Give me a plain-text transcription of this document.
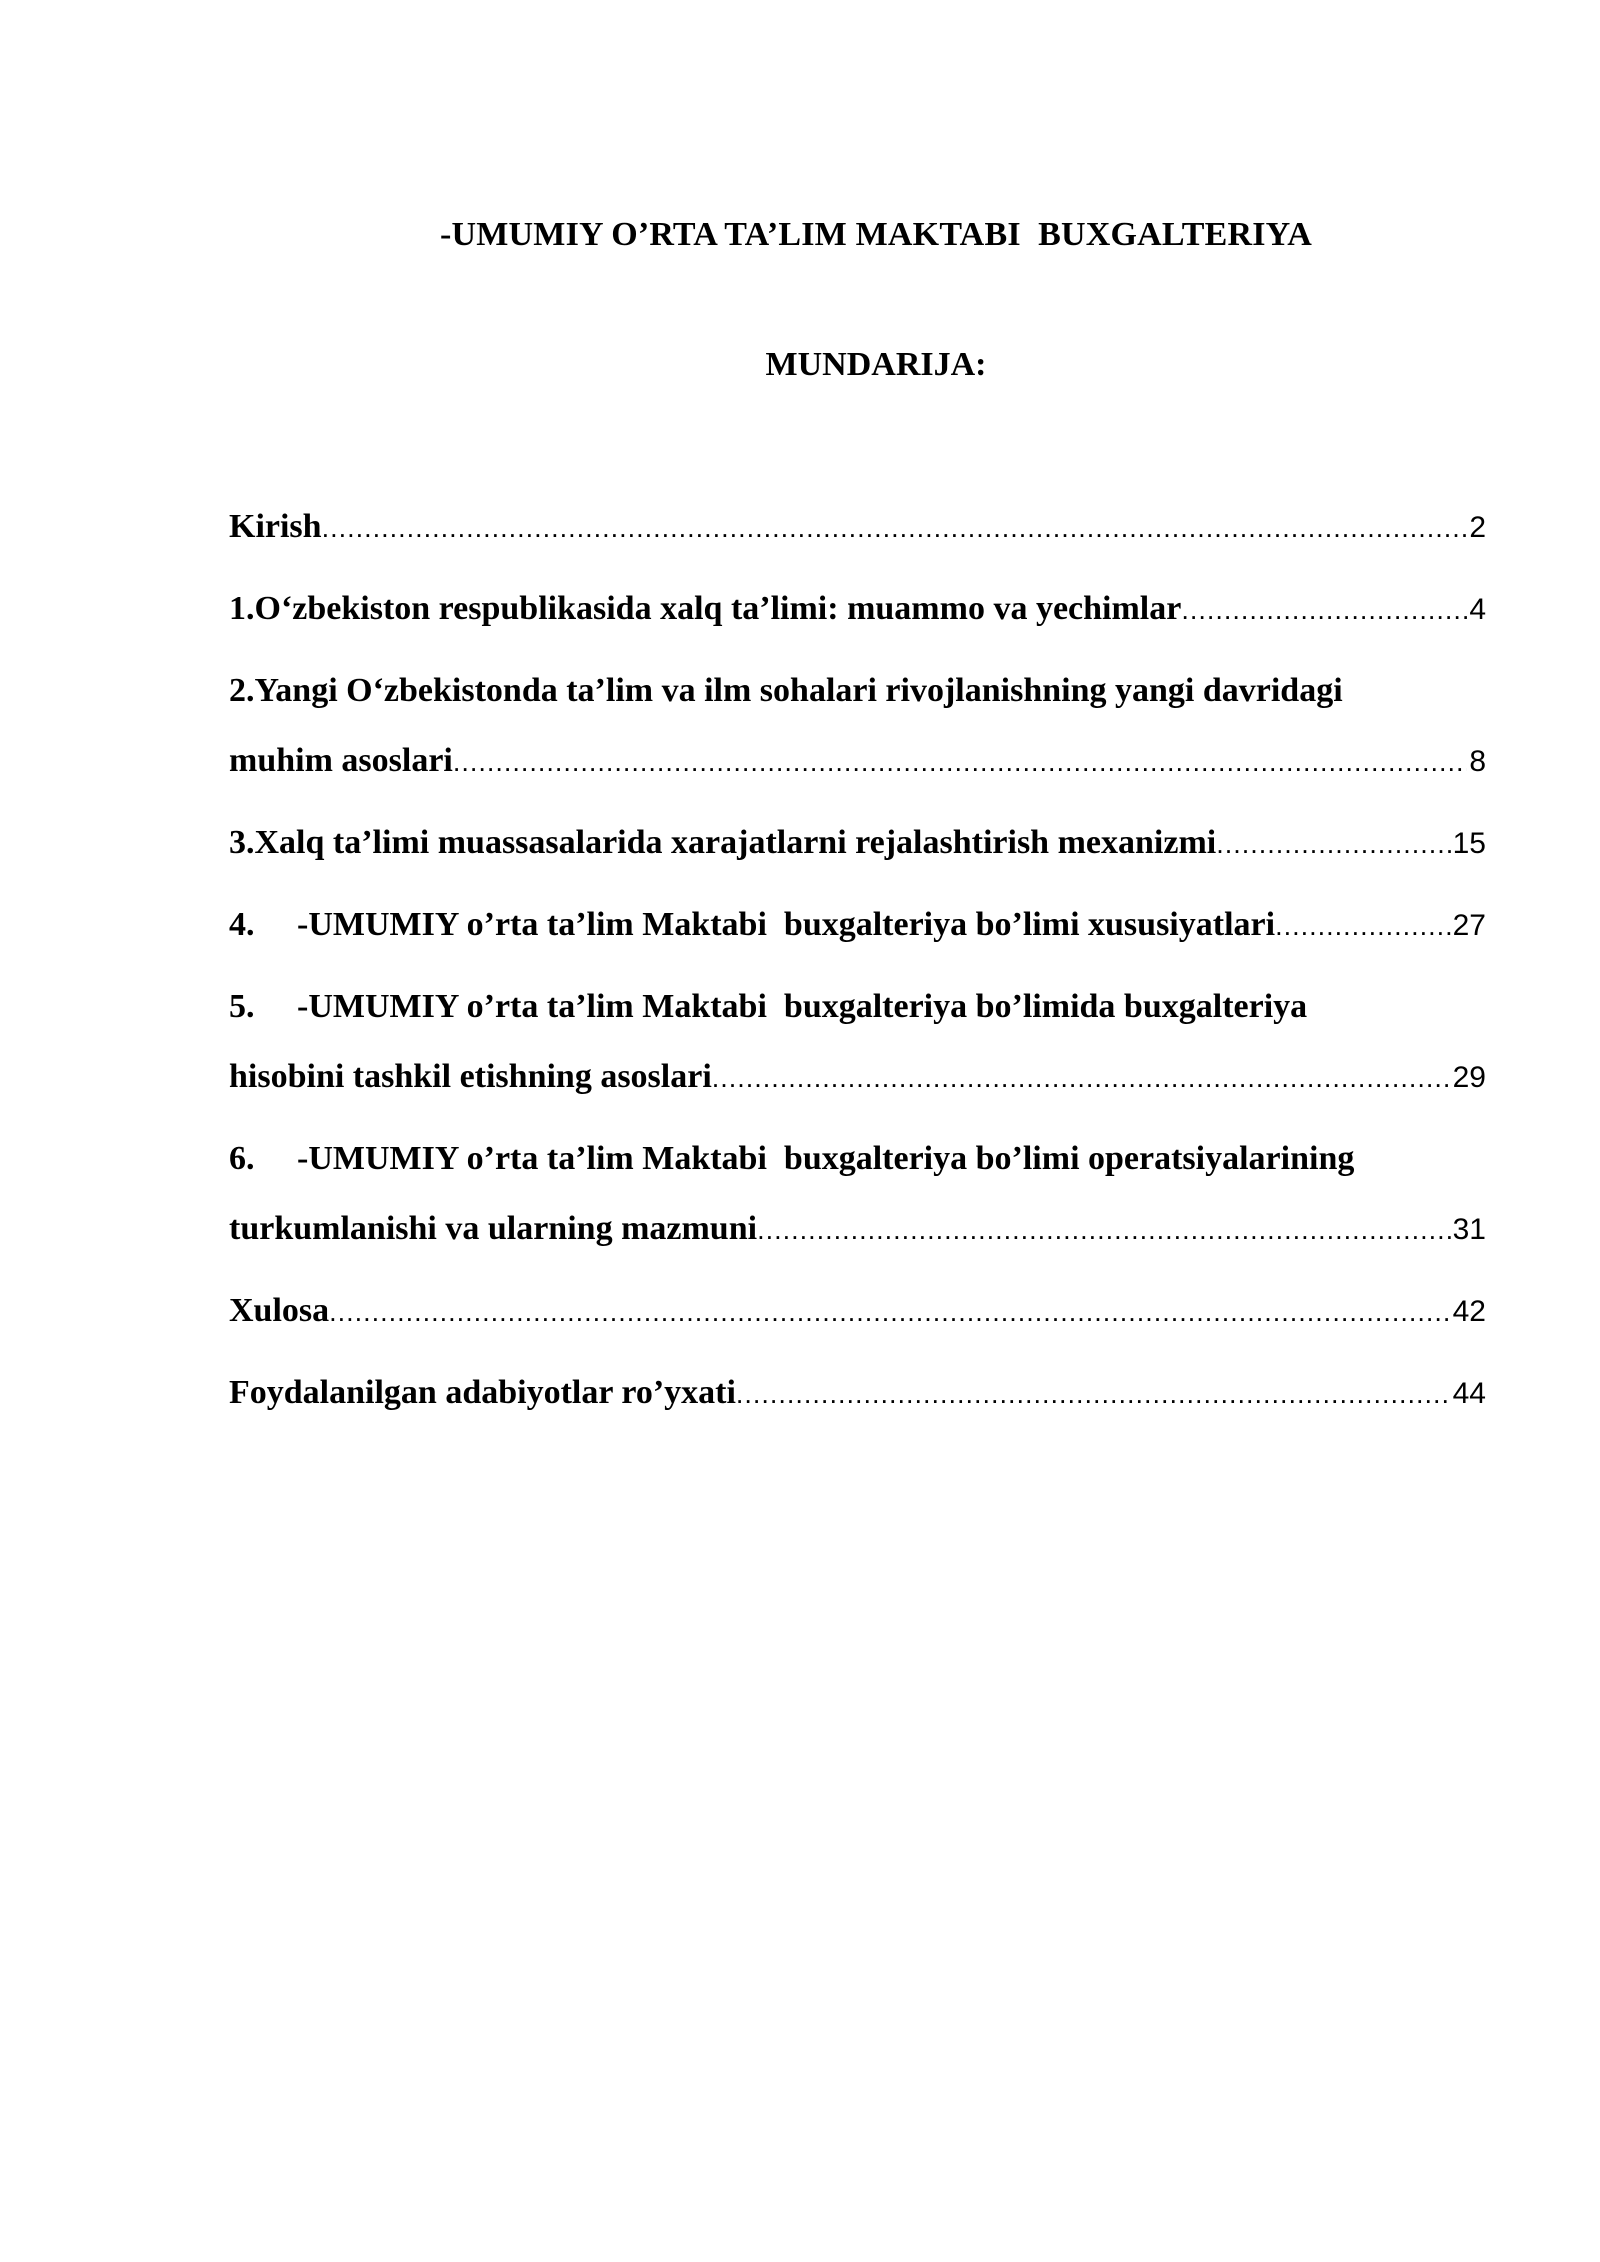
-UMUMIY O’RTA TA’LIM MAKTABI  BUXGALTERIYA
MUNDARIJA:
Kirish .....	2
1.O‘zbekiston respublikasida xalq ta’limi: muammo va yechimlar .....	4
2.Yangi O‘zbekistonda ta’lim va ilm sohalari rivojlanishning yangi davridagi
muhim asoslari .....	8
3.Xalq ta’limi muassasalarida xarajatlarni rejalashtirish mexanizmi .....	15
4.     -UMUMIY o’rta ta’lim Maktabi  buxgalteriya bo’limi xususiyatlari .....	27
5.     -UMUMIY o’rta ta’lim Maktabi  buxgalteriya bo’limida buxgalteriya
hisobini tashkil etishning asoslari .....	29
6.     -UMUMIY o’rta ta’lim Maktabi  buxgalteriya bo’limi operatsiyalarining
turkumlanishi va ularning mazmuni .....	31
Xulosa .....	42
Foydalanilgan adabiyotlar ro’yxati .....	44
